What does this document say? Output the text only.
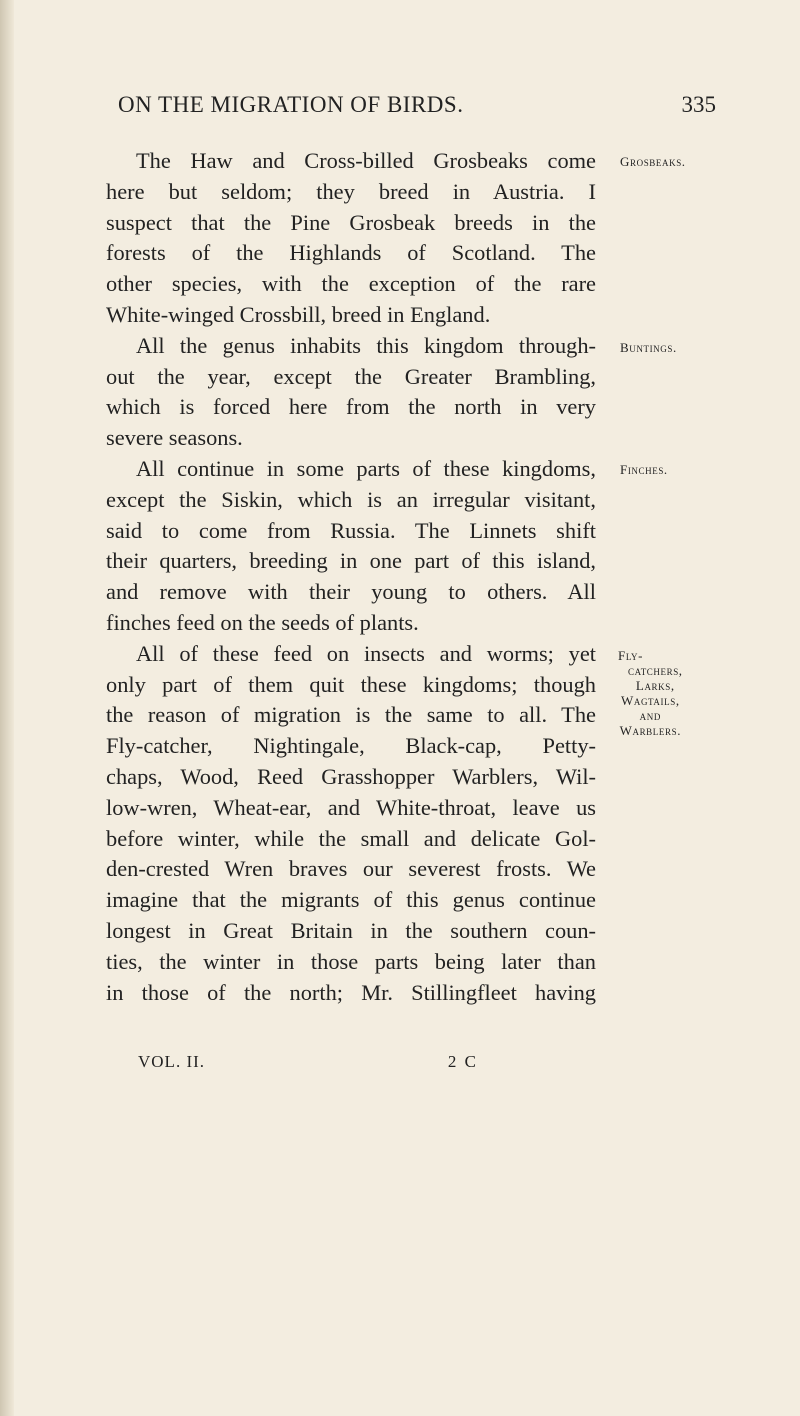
ON THE MIGRATION OF BIRDS.	335
The Haw and Cross-billed Grosbeaks come
here but seldom; they breed in Austria. I
suspect that the Pine Grosbeak breeds in the
forests of the Highlands of Scotland. The
other species, with the exception of the rare
White-winged Crossbill, breed in England.
All the genus inhabits this kingdom through-
out the year, except the Greater Brambling,
which is forced here from the north in very
severe seasons.
All continue in some parts of these kingdoms,
except the Siskin, which is an irregular visitant,
said to come from Russia. The Linnets shift
their quarters, breeding in one part of this island,
and remove with their young to others. All
finches feed on the seeds of plants.
All of these feed on insects and worms; yet
only part of them quit these kingdoms; though
the reason of migration is the same to all. The
Fly-catcher, Nightingale, Black-cap, Petty-
chaps, Wood, Reed Grasshopper Warblers, Wil-
low-wren, Wheat-ear, and White-throat, leave us
before winter, while the small and delicate Gol-
den-crested Wren braves our severest frosts. We
imagine that the migrants of this genus continue
longest in Great Britain in the southern coun-
ties, the winter in those parts being later than
in those of the north; Mr. Stillingfleet having
Grosbeaks.
Buntings.
Finches.
Fly-
catchers,
Larks,
Wagtails,
and
Warblers.
VOL. II.	2 C
